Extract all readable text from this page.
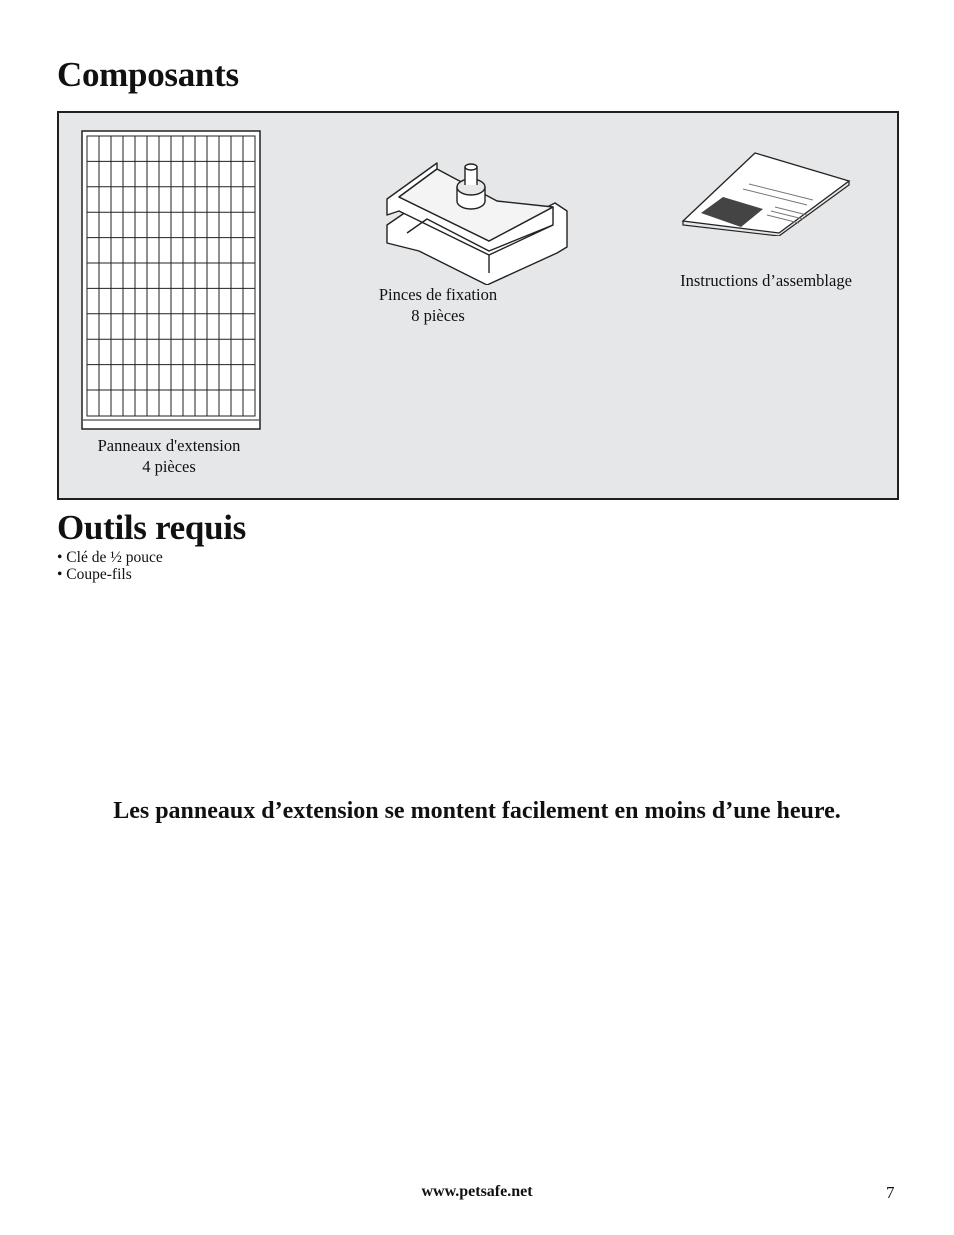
Composants
Panneaux d'extension
4 pièces
Pinces de fixation
8 pièces
Instructions d’assemblage
Outils requis
• Clé de ½ pouce
• Coupe-fils
Les panneaux d’extension se montent facilement en moins d’une heure.
www.petsafe.net	7
